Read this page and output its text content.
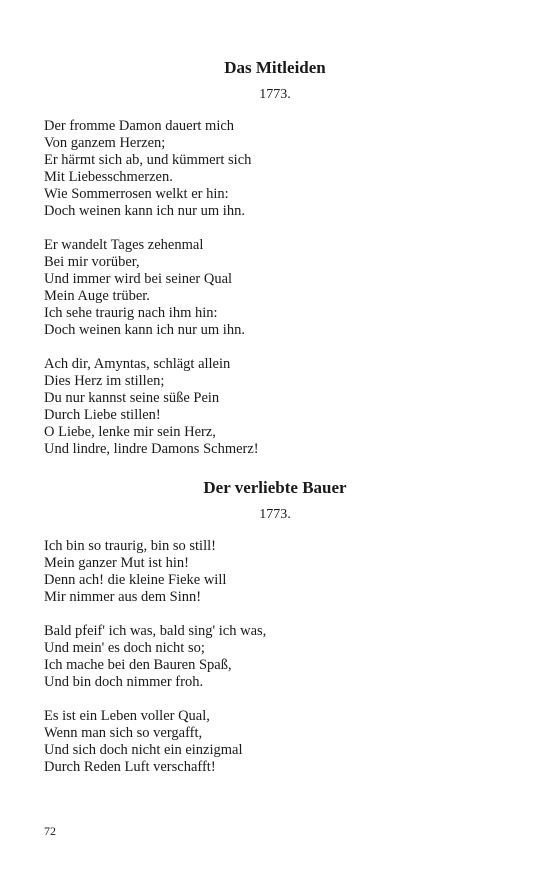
Das Mitleiden
1773.
Der fromme Damon dauert mich
Von ganzem Herzen;
Er härmt sich ab, und kümmert sich
Mit Liebesschmerzen.
Wie Sommerrosen welkt er hin:
Doch weinen kann ich nur um ihn.
Er wandelt Tages zehenmal
Bei mir vorüber,
Und immer wird bei seiner Qual
Mein Auge trüber.
Ich sehe traurig nach ihm hin:
Doch weinen kann ich nur um ihn.
Ach dir, Amyntas, schlägt allein
Dies Herz im stillen;
Du nur kannst seine süße Pein
Durch Liebe stillen!
O Liebe, lenke mir sein Herz,
Und lindre, lindre Damons Schmerz!
Der verliebte Bauer
1773.
Ich bin so traurig, bin so still!
Mein ganzer Mut ist hin!
Denn ach! die kleine Fieke will
Mir nimmer aus dem Sinn!
Bald pfeif' ich was, bald sing' ich was,
Und mein' es doch nicht so;
Ich mache bei den Bauren Spaß,
Und bin doch nimmer froh.
Es ist ein Leben voller Qual,
Wenn man sich so vergafft,
Und sich doch nicht ein einzigmal
Durch Reden Luft verschafft!
72
